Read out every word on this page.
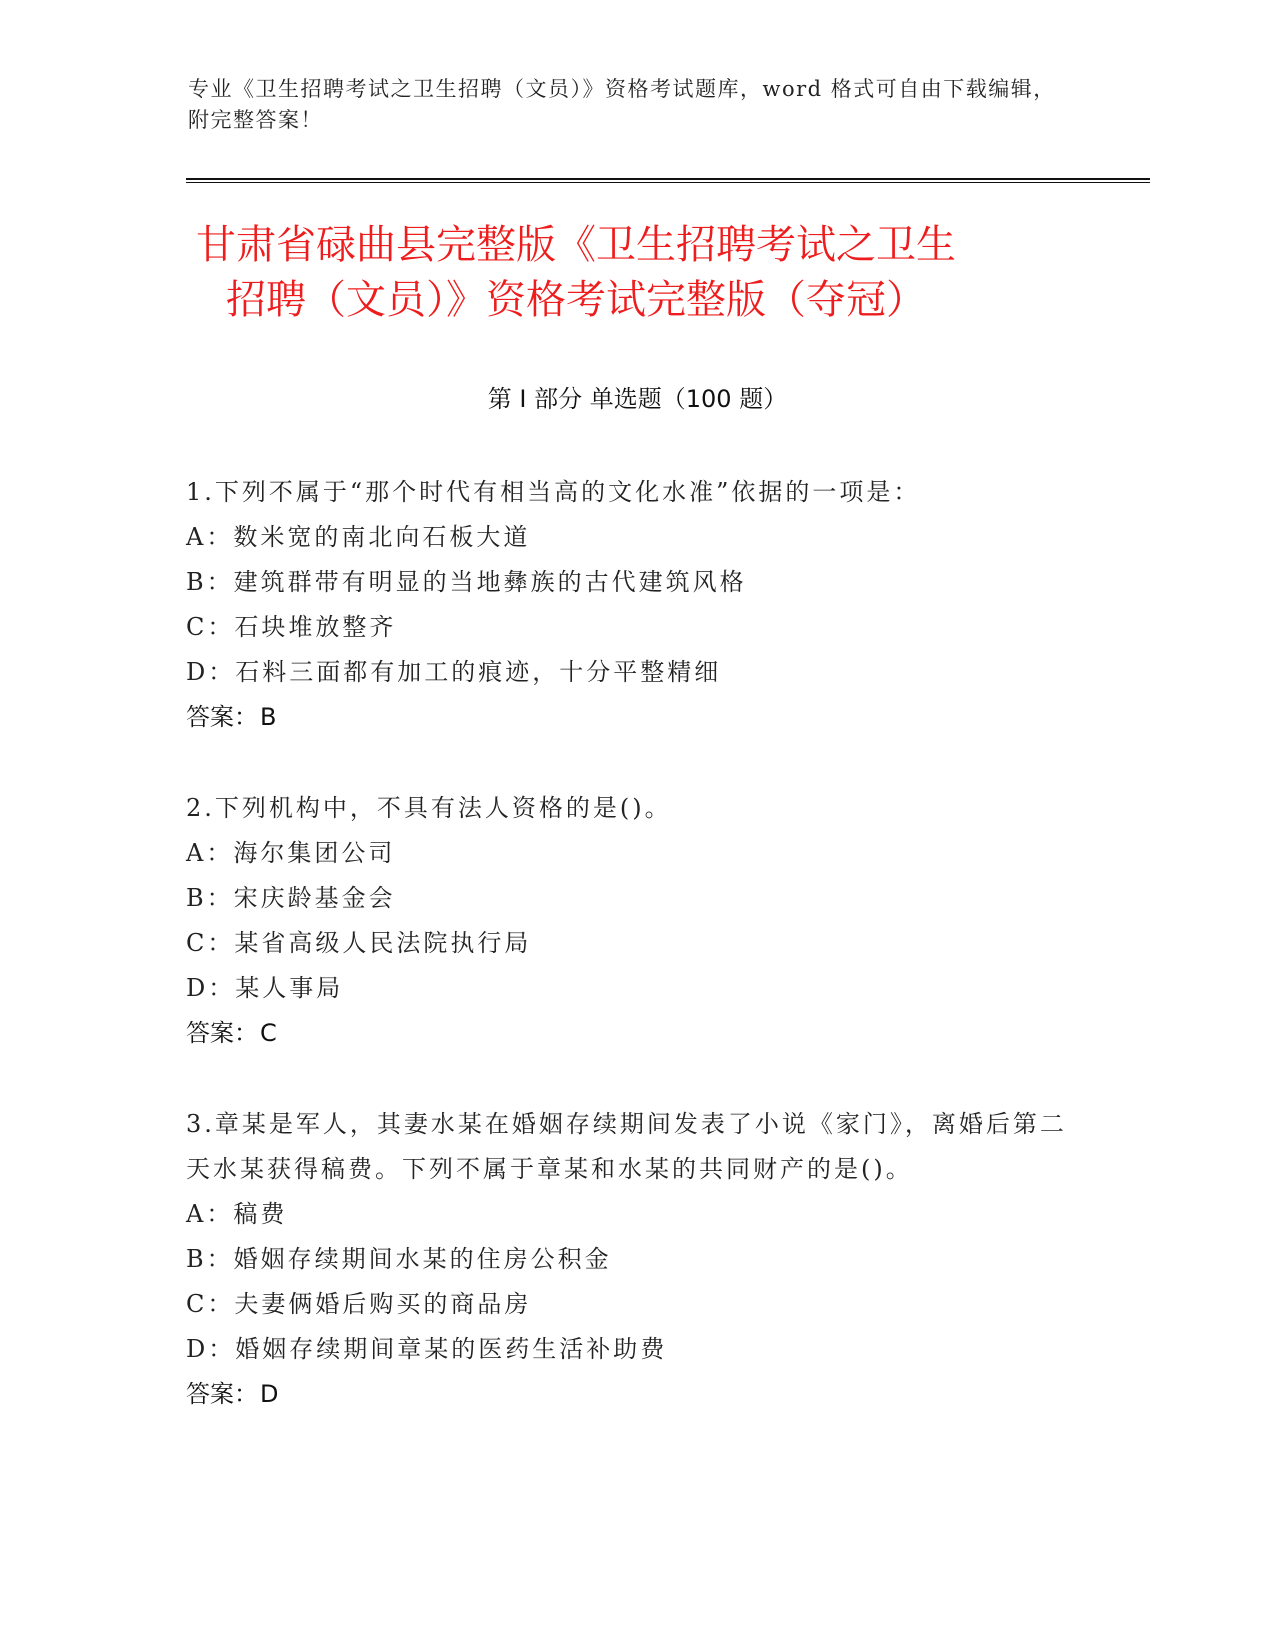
专业《卫生招聘考试之卫生招聘（文员）》资格考试题库，word 格式可自由下载编辑，附完整答案！
甘肃省碌曲县完整版《卫生招聘考试之卫生
招聘（文员）》资格考试完整版（夺冠）
第 I 部分 单选题（100 题）
1.下列不属于“那个时代有相当高的文化水准”依据的一项是：
A：数米宽的南北向石板大道
B：建筑群带有明显的当地彝族的古代建筑风格
C：石块堆放整齐
D：石料三面都有加工的痕迹，十分平整精细
答案：B
2.下列机构中，不具有法人资格的是()。
A：海尔集团公司
B：宋庆龄基金会
C：某省高级人民法院执行局
D：某人事局
答案：C
3.章某是军人，其妻水某在婚姻存续期间发表了小说《家门》，离婚后第二天水某获得稿费。下列不属于章某和水某的共同财产的是()。
A：稿费
B：婚姻存续期间水某的住房公积金
C：夫妻俩婚后购买的商品房
D：婚姻存续期间章某的医药生活补助费
答案：D
